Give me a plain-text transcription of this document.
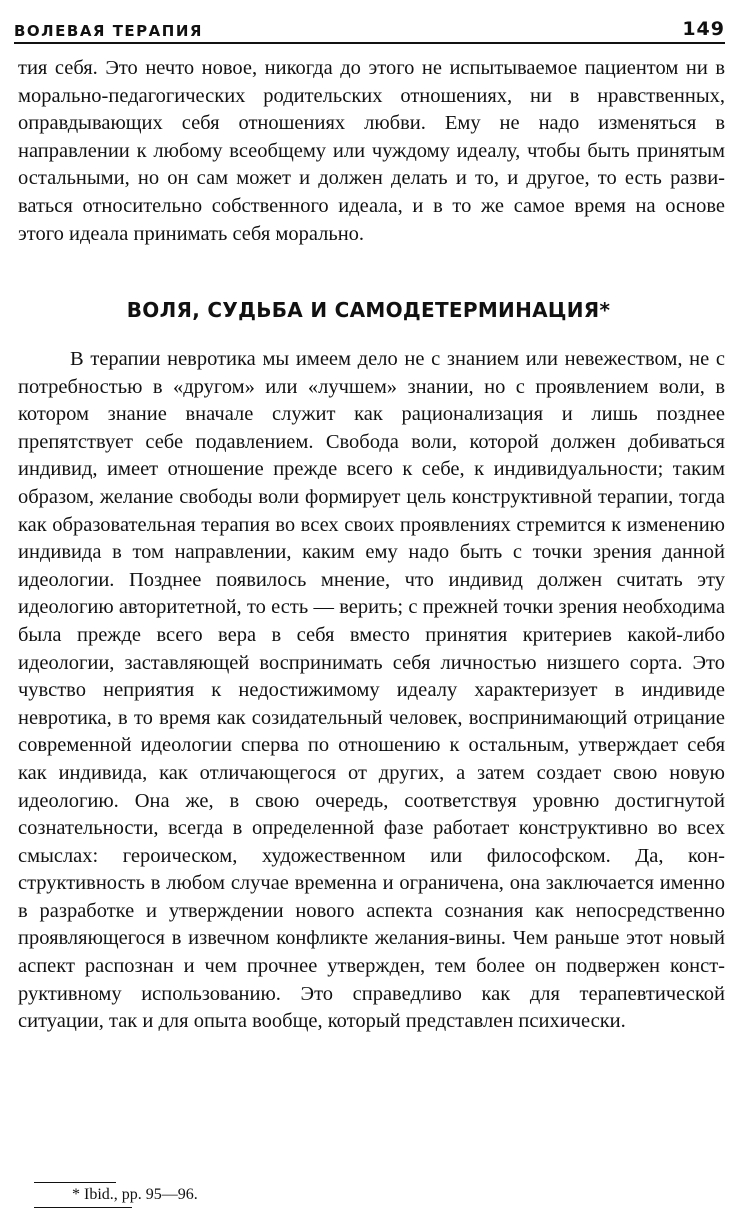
ВОЛЕВАЯ ТЕРАПИЯ	149

тия себя. Это нечто новое, никогда до этого не испытываемое пациентом ни в морально-педагогических родительских отношениях, ни в нравственных, оправдывающих себя отношениях любви. Ему не надо изменяться в направлении к любому всеобщему или чуждому идеалу, чтобы быть принятым остальными, но он сам может и должен делать и то, и другое, то есть развиваться относительно собственного идеала, и в то же самое время на основе этого идеала принимать себя морально.

ВОЛЯ, СУДЬБА И САМОДЕТЕРМИНАЦИЯ*

В терапии невротика мы имеем дело не с знанием или невежеством, не с потребностью в «другом» или «лучшем» знании, но с проявлением воли, в котором знание вначале служит как рационализация и лишь позднее препятствует себе подавлением. Свобода воли, которой должен добиваться индивид, имеет отношение прежде всего к себе, к индивидуальности; таким образом, желание свободы воли формирует цель конструктивной терапии, тогда как образовательная терапия во всех своих проявлениях стремится к изменению индивида в том направлении, каким ему надо быть с точки зрения данной идеологии. Позднее появилось мнение, что индивид должен считать эту идеологию авторитетной, то есть — верить; с прежней точки зрения необходима была прежде всего вера в себя вместо принятия критериев какой-либо идеологии, заставляющей воспринимать себя личностью низшего сорта. Это чувство неприятия к недостижимому идеалу характеризует в индивиде невротика, в то время как созидательный человек, воспринимающий отрицание современной идеологии сперва по отношению к остальным, утверждает себя как индивида, как отличающегося от других, а затем создает свою новую идеологию. Она же, в свою очередь, соответствуя уровню достигнутой сознательности, всегда в определенной фазе работает конструктивно во всех смыслах: героическом, художественном или философском. Да, конструктивность в любом случае временна и ограничена, она заключается именно в разработке и утверждении нового аспекта сознания как непосредственно проявляющегося в извечном конфликте желания-вины. Чем раньше этот новый аспект распознан и чем прочнее утвержден, тем более он подвержен конструктивному использованию. Это справедливо как для терапевтической ситуации, так и для опыта вообще, который представлен психически.

* Ibid., pp. 95—96.
